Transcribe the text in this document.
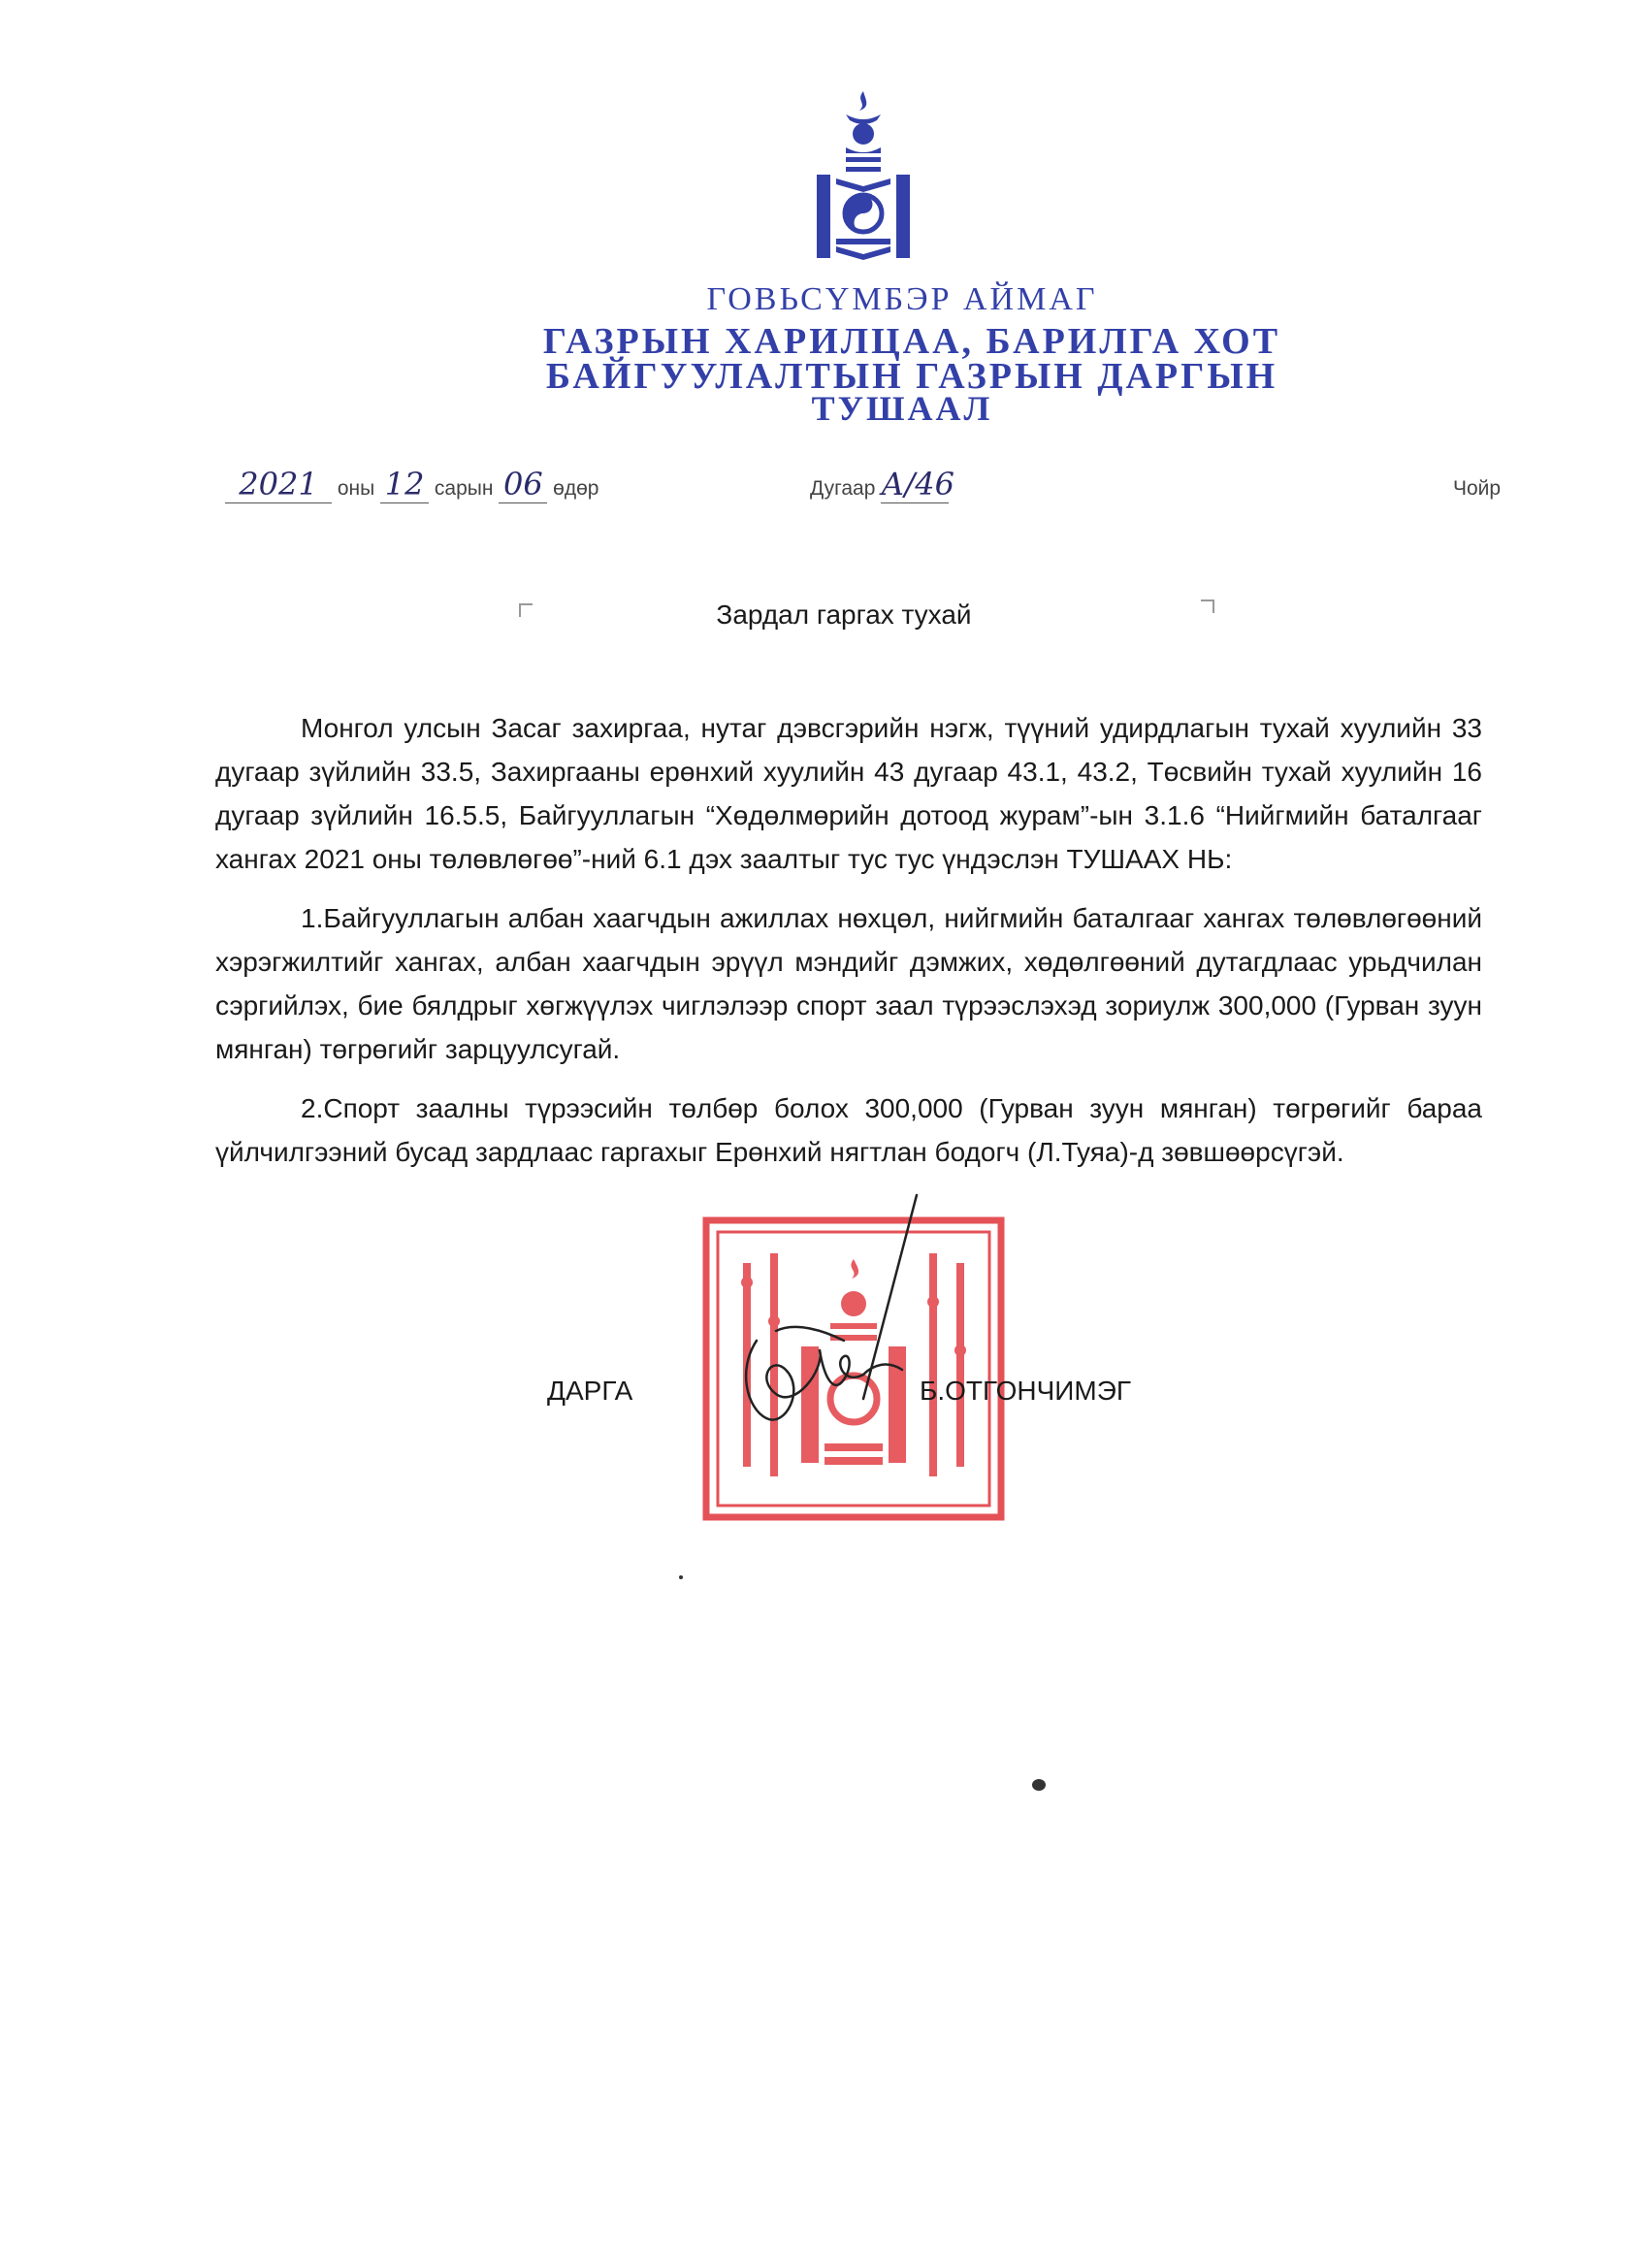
ГОВЬСҮМБЭР АЙМАГ
ГАЗРЫН ХАРИЛЦАА, БАРИЛГА ХОТ
БАЙГУУЛАЛТЫН ГАЗРЫН ДАРГЫН
ТУШААЛ
2021 оны 12 сарын 06 өдөр	Дугаар А/46	Чойр
Зардал гаргах тухай

Монгол улсын Засаг захиргаа, нутаг дэвсгэрийн нэгж, түүний удирдлагын тухай хуулийн 33 дугаар зүйлийн 33.5, Захиргааны ерөнхий хуулийн 43 дугаар 43.1, 43.2, Төсвийн тухай хуулийн 16 дугаар зүйлийн 16.5.5, Байгууллагын “Хөдөлмөрийн дотоод журам”-ын 3.1.6 “Нийгмийн баталгааг хангах 2021 оны төлөвлөгөө”-ний 6.1 дэх заалтыг тус тус үндэслэн ТУШААХ НЬ:

1.Байгууллагын албан хаагчдын ажиллах нөхцөл, нийгмийн баталгааг хангах төлөвлөгөөний хэрэгжилтийг хангах, албан хаагчдын эрүүл мэндийг дэмжих, хөдөлгөөний дутагдлаас урьдчилан сэргийлэх, бие бялдрыг хөгжүүлэх чиглэлээр спорт заал түрээслэхэд зориулж 300,000 (Гурван зуун мянган) төгрөгийг зарцуулсугай.

2.Спорт заалны түрээсийн төлбөр болох 300,000 (Гурван зуун мянган) төгрөгийг бараа үйлчилгээний бусад зардлаас гаргахыг Ерөнхий нягтлан бодогч (Л.Туяа)-д зөвшөөрсүгэй.

ДАРГА	Б.ОТГОНЧИМЭГ
